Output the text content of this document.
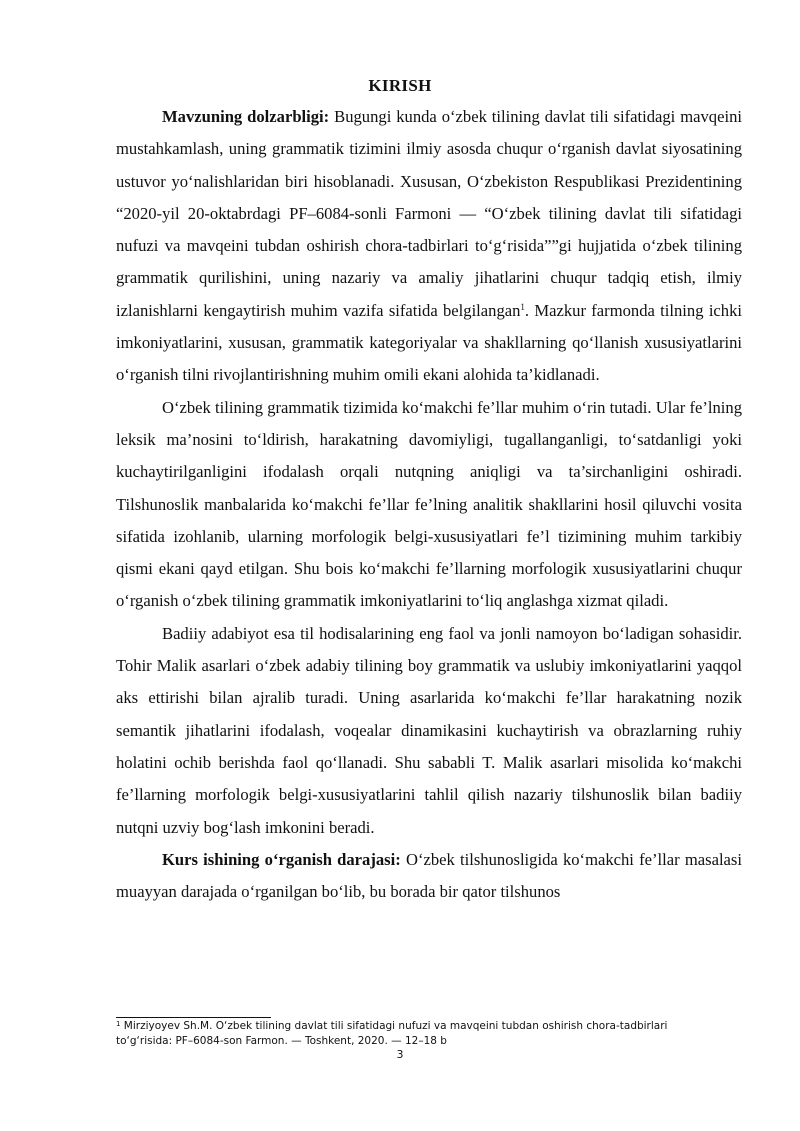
KIRISH

Mavzuning dolzarbligi: Bugungi kunda o‘zbek tilining davlat tili sifatidagi mavqeini mustahkamlash, uning grammatik tizimini ilmiy asosda chuqur o‘rganish davlat siyosatining ustuvor yo‘nalishlaridan biri hisoblanadi. Xususan, O‘zbekiston Respublikasi Prezidentining “2020-yil 20-oktabrdagi PF–6084-sonli Farmoni — “O‘zbek tilining davlat tili sifatidagi nufuzi va mavqeini tubdan oshirish chora-tadbirlari to‘g‘risida””gi hujjatida o‘zbek tilining grammatik qurilishini, uning nazariy va amaliy jihatlarini chuqur tadqiq etish, ilmiy izlanishlarni kengaytirish muhim vazifa sifatida belgilangan$^1$. Mazkur farmonda tilning ichki imkoniyatlarini, xususan, grammatik kategoriyalar va shakllarning qo‘llanish xususiyatlarini o‘rganish tilni rivojlantirishning muhim omili ekani alohida ta’kidlanadi.

O‘zbek tilining grammatik tizimida ko‘makchi fe’llar muhim o‘rin tutadi. Ular fe’lning leksik ma’nosini to‘ldirish, harakatning davomiyligi, tugallanganligi, to‘satdanligi yoki kuchaytirilganligini ifodalash orqali nutqning aniqligi va ta’sirchanligini oshiradi. Tilshunoslik manbalarida ko‘makchi fe’llar fe’lning analitik shakllarini hosil qiluvchi vosita sifatida izohlanib, ularning morfologik belgi-xususiyatlari fe’l tizimining muhim tarkibiy qismi ekani qayd etilgan. Shu bois ko‘makchi fe’llarning morfologik xususiyatlarini chuqur o‘rganish o‘zbek tilining grammatik imkoniyatlarini to‘liq anglashga xizmat qiladi.

Badiiy adabiyot esa til hodisalarining eng faol va jonli namoyon bo‘ladigan sohasidir. Tohir Malik asarlari o‘zbek adabiy tilining boy grammatik va uslubiy imkoniyatlarini yaqqol aks ettirishi bilan ajralib turadi. Uning asarlarida ko‘makchi fe’llar harakatning nozik semantik jihatlarini ifodalash, voqealar dinamikasini kuchaytirish va obrazlarning ruhiy holatini ochib berishda faol qo‘llanadi. Shu sababli T. Malik asarlari misolida ko‘makchi fe’llarning morfologik belgi-xususiyatlarini tahlil qilish nazariy tilshunoslik bilan badiiy nutqni uzviy bog‘lash imkonini beradi.

Kurs ishining o‘rganish darajasi: O‘zbek tilshunosligida ko‘makchi fe’llar masalasi muayyan darajada o‘rganilgan bo‘lib, bu borada bir qator tilshunos

$^1$ Mirziyoyev Sh.M. O‘zbek tilining davlat tili sifatidagi nufuzi va mavqeini tubdan oshirish chora-tadbirlari
to‘g‘risida: PF–6084-son Farmon. — Toshkent, 2020. — 12–18 b
3
